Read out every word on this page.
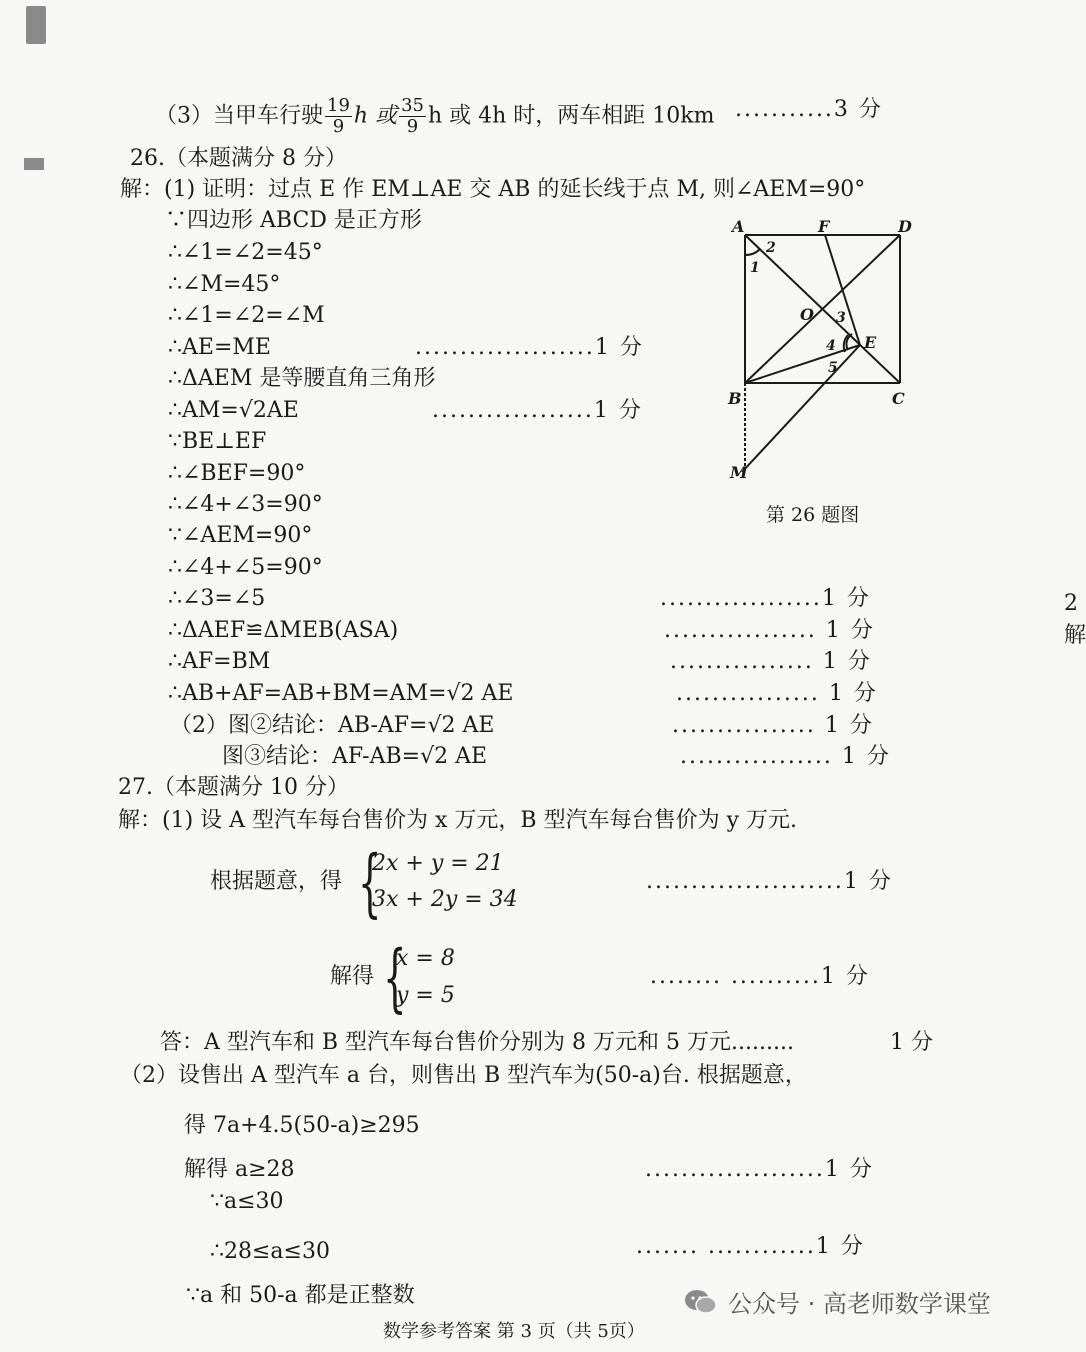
（3）当甲车行驶 $\frac{19}{9}$ h 或 $\frac{35}{9}$ h 或 4h 时，两车相距 10km ...........3 分
26.（本题满分 8 分）
解：(1) 证明：过点 E 作 EM⊥AE 交 AB 的延长线于点 M, 则∠AEM=90°
∵四边形 ABCD 是正方形
∴∠1=∠2=45°
∴∠M=45°
∴∠1=∠2=∠M
∴AE=ME	....................1 分
∴ΔAEM 是等腰直角三角形
∴AM=√2AE	..................1 分
∵BE⊥EF
∴∠BEF=90°
∴∠4+∠3=90°
∵∠AEM=90°
∴∠4+∠5=90°
∴∠3=∠5	..................1 分
∴ΔAEF≌ΔMEB(ASA)	................. 1 分
∴AF=BM	................ 1 分
∴AB+AF=AB+BM=AM=√2 AE	................ 1 分
（2）图②结论：AB-AF=√2 AE	................ 1 分
图③结论：AF-AB=√2 AE	................. 1 分
A	F	D
O
E
B	C
M
1
2
3
4
5
第 26 题图
2
解
27.（本题满分 10 分）
解：(1) 设 A 型汽车每台售价为 x 万元，B 型汽车每台售价为 y 万元.
根据题意，得 {
2x + y = 21
3x + 2y = 34
......................1 分
解得 {
x = 8
y = 5
........ ..........1 分
答：A 型汽车和 B 型汽车每台售价分别为 8 万元和 5 万元.........	1 分
（2）设售出 A 型汽车 a 台，则售出 B 型汽车为(50-a)台. 根据题意，
得 7a+4.5(50-a)≥295
解得 a≥28	....................1 分
∵a≤30
∴28≤a≤30	....... ............1 分
∵a 和 50-a 都是正整数	公众号 · 高老师数学课堂
数学参考答案 第 3 页（共 5页）
